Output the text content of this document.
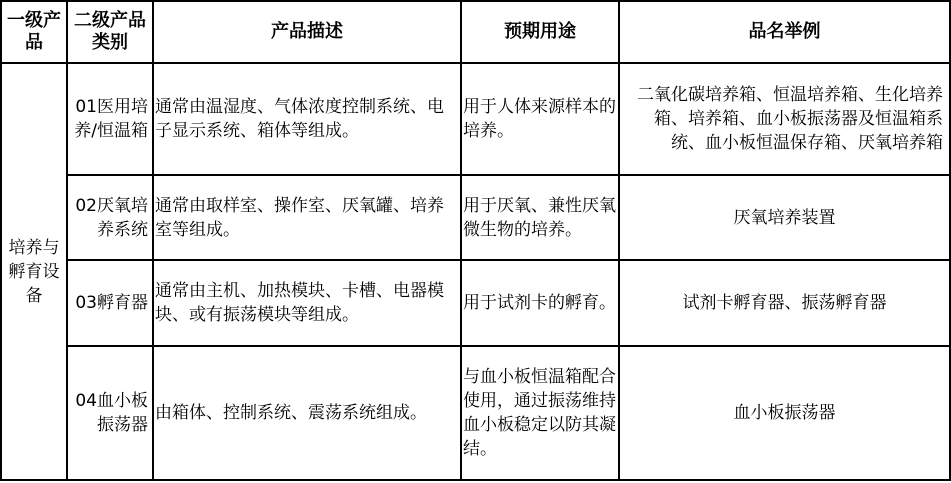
一级产品	二级产品类别	产品描述	预期用途	品名举例
培养与孵育设备	01医用培养/恒温箱	通常由温湿度、气体浓度控制系统、电子显示系统、箱体等组成。	用于人体来源样本的培养。	二氧化碳培养箱、恒温培养箱、生化培养箱、培养箱、血小板振荡器及恒温箱系统、血小板恒温保存箱、厌氧培养箱
	02厌氧培养系统	通常由取样室、操作室、厌氧罐、培养室等组成。	用于厌氧、兼性厌氧微生物的培养。	厌氧培养装置
	03孵育器	通常由主机、加热模块、卡槽、电器模块、或有振荡模块等组成。	用于试剂卡的孵育。	试剂卡孵育器、振荡孵育器
	04血小板振荡器	由箱体、控制系统、震荡系统组成。	与血小板恒温箱配合使用，通过振荡维持血小板稳定以防其凝结。	血小板振荡器
